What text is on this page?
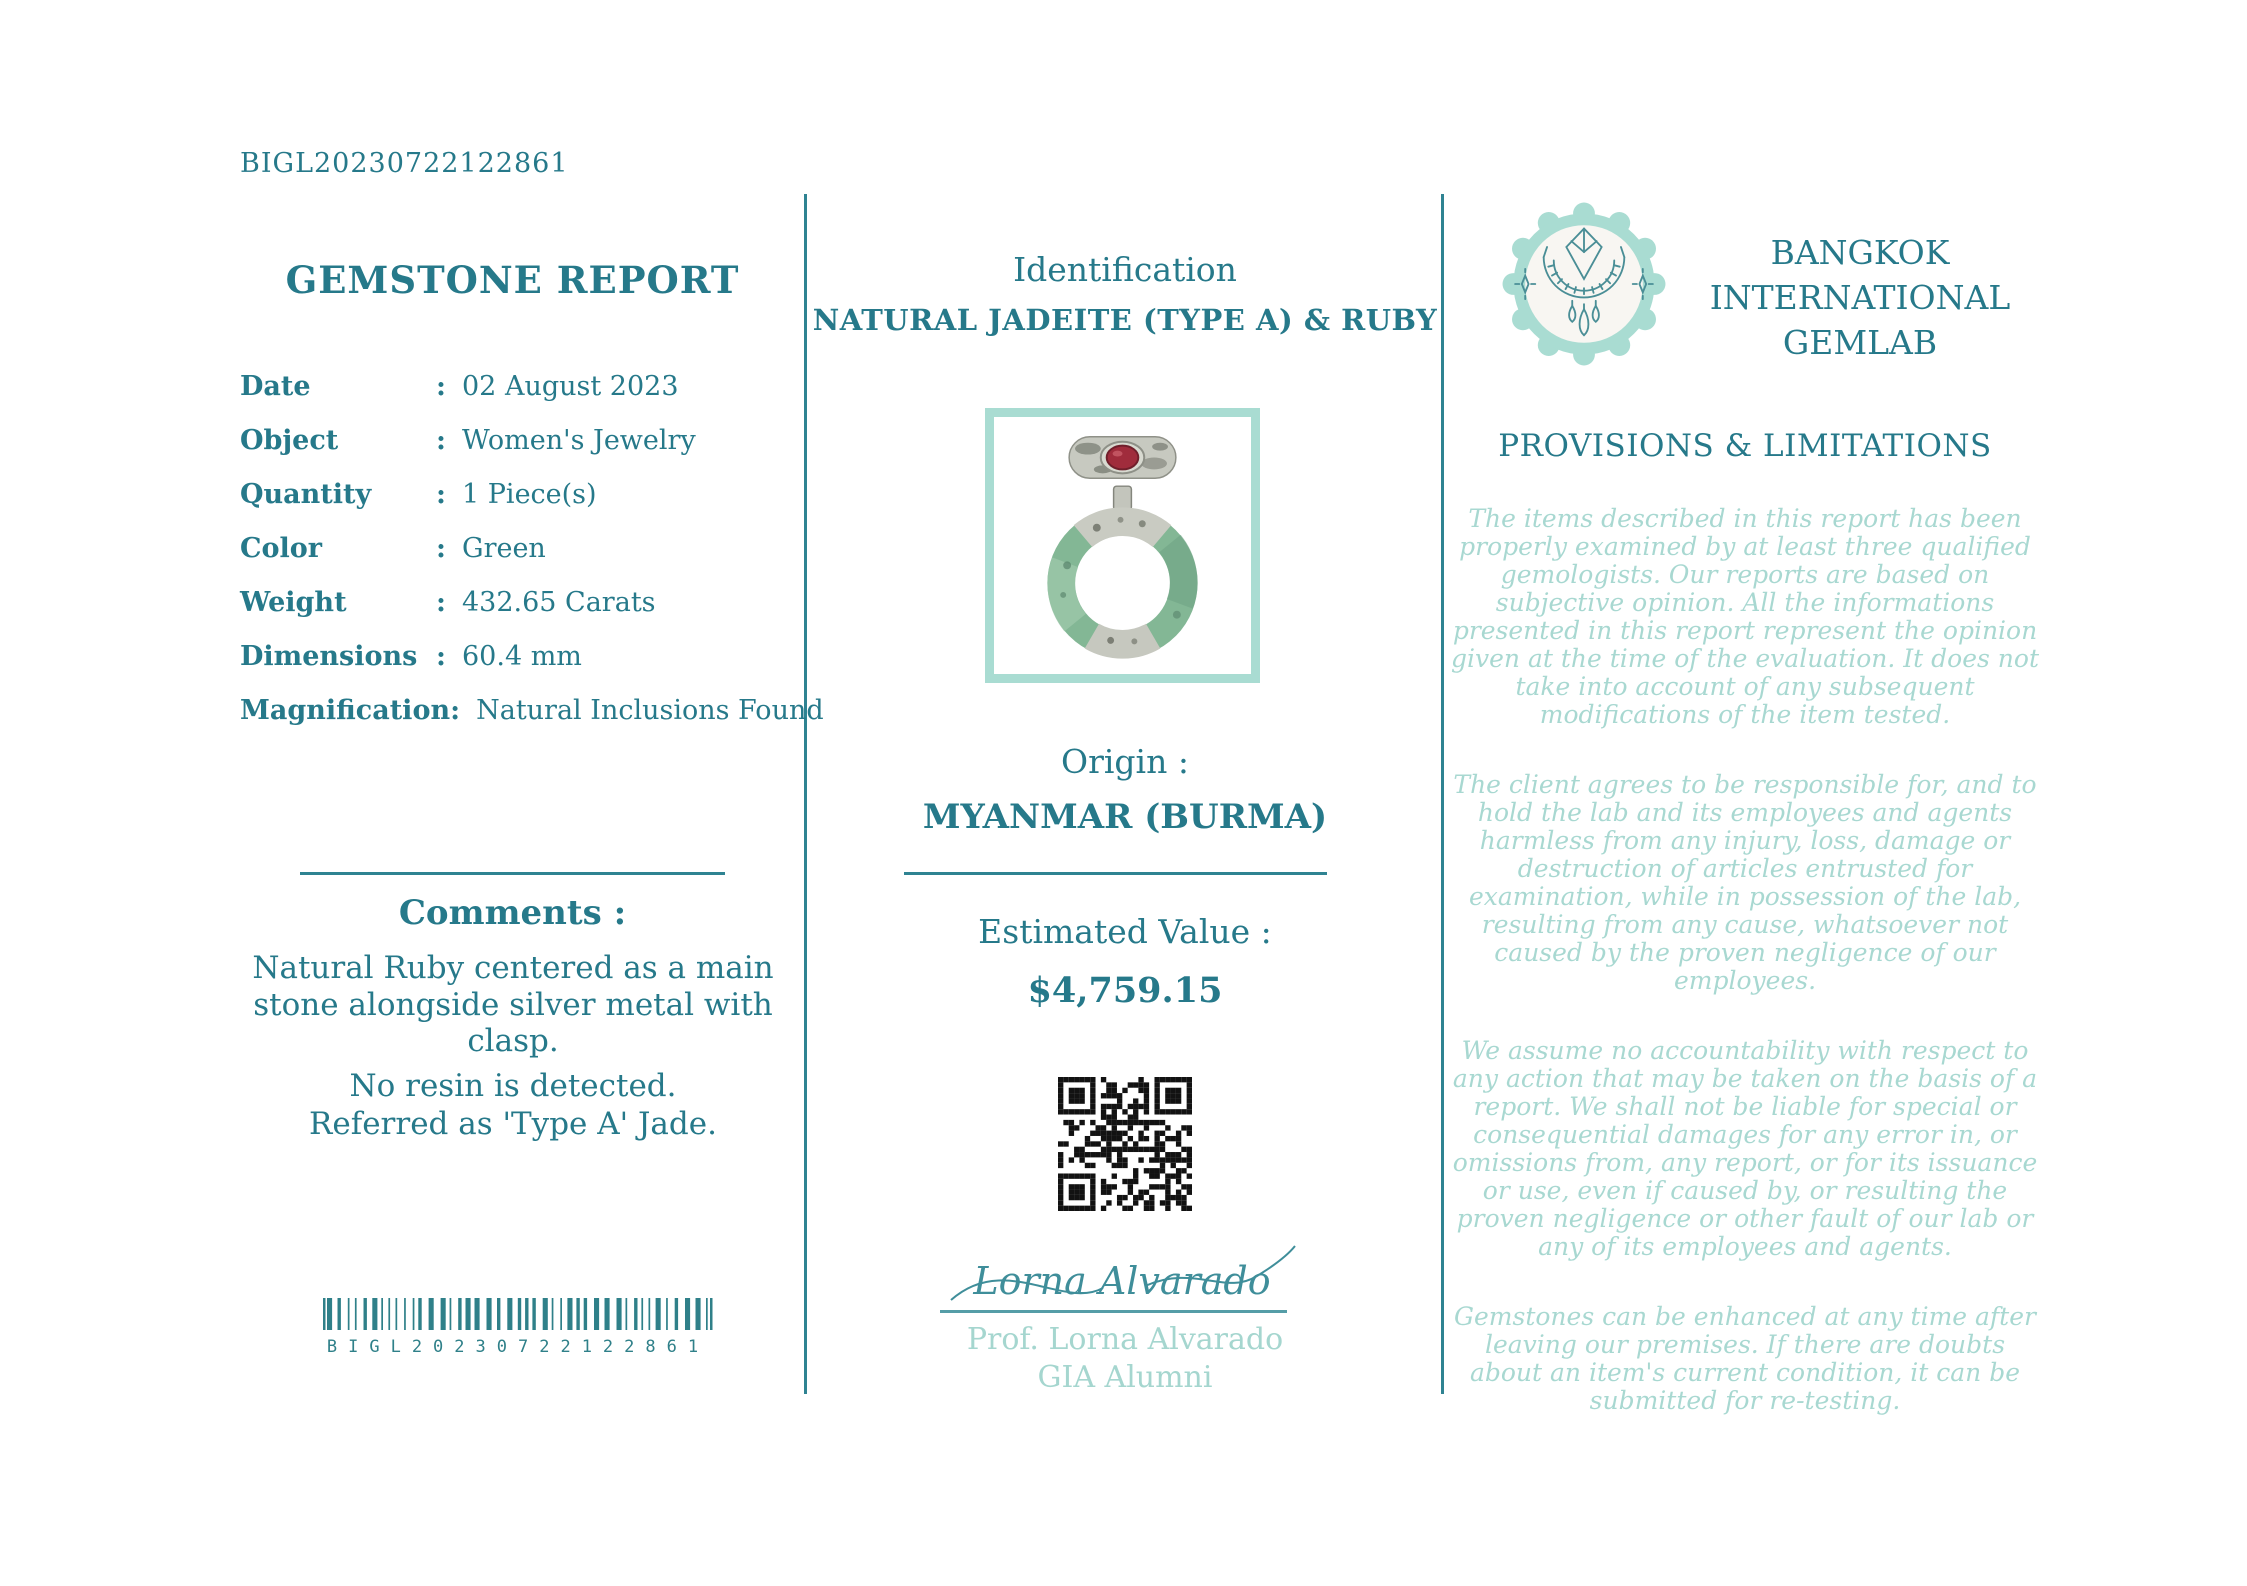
BIGL20230722122861
GEMSTONE REPORT
Date	: 02 August 2023
Object	: Women's Jewelry
Quantity	: 1 Piece(s)
Color	: Green
Weight	: 432.65 Carats
Dimensions : 60.4 mm
Magnification : Natural Inclusions Found
Comments :
Natural Ruby centered as a main stone alongside silver metal with clasp.
No resin is detected.
Referred as 'Type A' Jade.
BIGL20230722122861
Identification
NATURAL JADEITE (TYPE A) & RUBY
Origin :
MYANMAR (BURMA)
Estimated Value :
$4,759.15
Lorna Alvarado
Prof. Lorna Alvarado
GIA Alumni
BANGKOK
INTERNATIONAL
GEMLAB
PROVISIONS & LIMITATIONS

The items described in this report has been properly examined by at least three qualified gemologists. Our reports are based on subjective opinion. All the informations presented in this report represent the opinion given at the time of the evaluation. It does not take into account of any subsequent modifications of the item tested.

The client agrees to be responsible for, and to hold the lab and its employees and agents harmless from any injury, loss, damage or destruction of articles entrusted for examination, while in possession of the lab, resulting from any cause, whatsoever not caused by the proven negligence of our employees.

We assume no accountability with respect to any action that may be taken on the basis of a report. We shall not be liable for special or consequential damages for any error in, or omissions from, any report, or for its issuance or use, even if caused by, or resulting the proven negligence or other fault of our lab or any of its employees and agents.

Gemstones can be enhanced at any time after leaving our premises. If there are doubts about an item's current condition, it can be submitted for re-testing.
